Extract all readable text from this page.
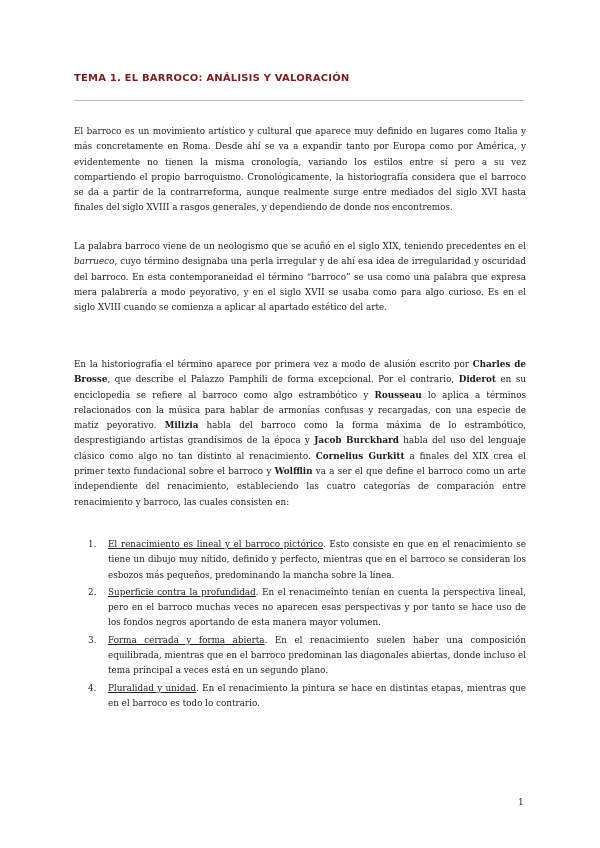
TEMA 1. EL BARROCO: ANÁLISIS Y VALORACIÓN

El barroco es un movimiento artístico y cultural que aparece muy definido en lugares como Italia y más concretamente en Roma. Desde ahí se va a expandir tanto por Europa como por América, y evidentemente no tienen la misma cronología, variando los estilos entre sí pero a su vez compartiendo el propio barroquismo. Cronológicamente, la historiografía considera que el barroco se da a partir de la contrarreforma, aunque realmente surge entre mediados del siglo XVI hasta finales del siglo XVIII a rasgos generales, y dependiendo de donde nos encontremos.

La palabra barroco viene de un neologismo que se acuñó en el siglo XIX, teniendo precedentes en el barrueco, cuyo término designaba una perla irregular y de ahí esa idea de irregularidad y oscuridad del barroco. En esta contemporaneidad el término “barroco” se usa como una palabra que expresa mera palabrería a modo peyorativo, y en el siglo XVII se usaba como para algo curioso. Es en el siglo XVIII cuando se comienza a aplicar al apartado estético del arte.

En la historiografía el término aparece por primera vez a modo de alusión escrito por Charles de Brosse, que describe el Palazzo Pamphili de forma excepcional. Por el contrario, Diderot en su enciclopedia se refiere al barroco como algo estrambótico y Rousseau lo aplica a términos relacionados con la música para hablar de armonías confusas y recargadas, con una especie de matiz peyorativo. Milizia habla del barroco como la forma máxima de lo estrambótico, desprestigiando artistas grandísimos de la época y Jacob Burckhard habla del uso del lenguaje clásico como algo no tan distinto al renacimiento. Cornelius Gurkitt a finales del XIX crea el primer texto fundacional sobre el barroco y Wolfflin va a ser el que define el barroco como un arte independiente del renacimiento, estableciendo las cuatro categorías de comparación entre renacimiento y barroco, las cuales consisten en:

1. El renacimiento es lineal y el barroco pictórico. Esto consiste en que en el renacimiento se tiene un dibujo muy nítido, definido y perfecto, mientras que en el barroco se consideran los esbozos más pequeños, predominando la mancha sobre la línea.
2. Superficie contra la profundidad. En el renacimeinto tenían en cuenta la perspectiva lineal, pero en el barroco muchas veces no aparecen esas perspectivas y por tanto se hace uso de los fondos negros aportando de esta manera mayor volumen.
3. Forma cerrada y forma abierta. En el renacimiento suelen haber una composición equilibrada, mientras que en el barroco predominan las diagonales abiertas, donde incluso el tema principal a veces está en un segundo plano.
4. Pluralidad y unidad. En el renacimiento la pintura se hace en distintas etapas, mientras que en el barroco es todo lo contrario.
1
